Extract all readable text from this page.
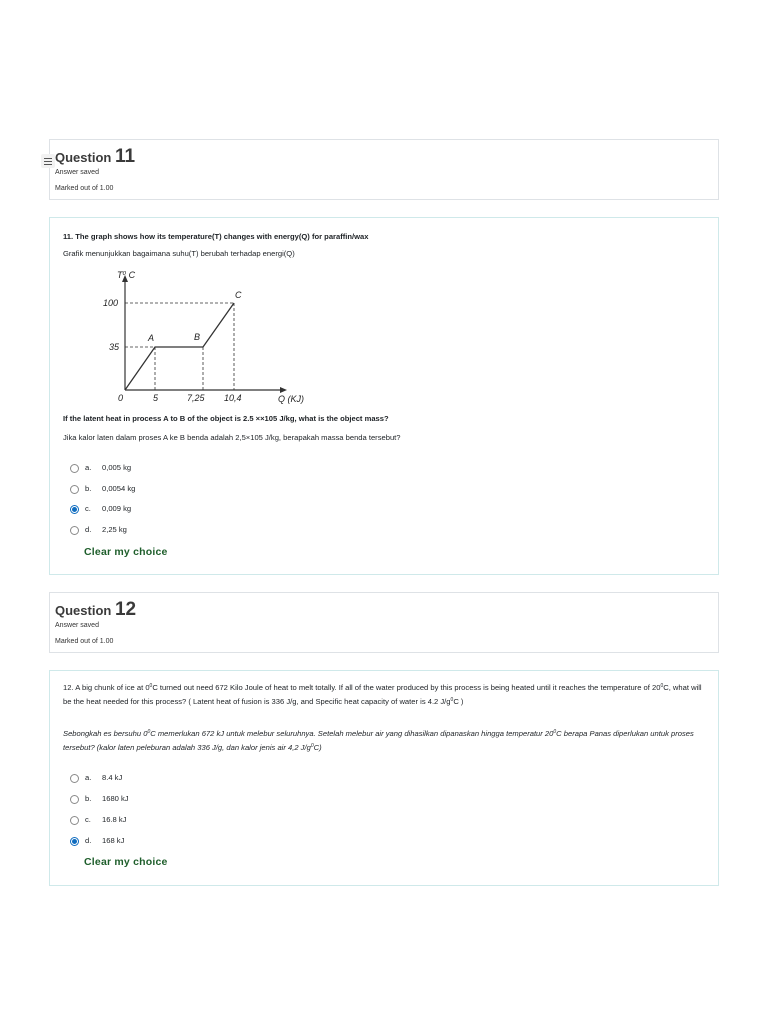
Question 11
Answer saved
Marked out of 1.00
11. The graph shows how its temperature(T) changes with energy(Q) for paraffin/wax
Grafik menunjukkan bagaimana suhu(T) berubah terhadap energi(Q)
T⁰ C
Q (KJ)
100
35
0	5	7,25 10,4
A	B
C
If the latent heat in process A to B of the object is 2.5 ××105 J/kg, what is the object mass?
Jika kalor laten dalam proses A ke B benda adalah 2,5×105 J/kg, berapakah massa benda tersebut?
a. 0,005 kg
b. 0,0054 kg
c. 0,009 kg
d. 2,25 kg
Clear my choice
Question 12
Answer saved
Marked out of 1.00
12. A big chunk of ice at $0^0C$ turned out need 672 Kilo Joule of heat to melt totally. If all of the water produced by this process is being heated until it reaches the temperature of $20^0C$, what will be the heat needed for this process? ( Latent heat of fusion is 336 J/g, and Specific heat capacity of water is 4.2 $J/g^0C$ )
Sebongkah es bersuhu $0^0C$ memerlukan 672 kJ untuk melebur seluruhnya. Setelah melebur air yang dihasilkan dipanaskan hingga temperatur $20^0C$ berapa Panas diperlukan untuk proses tersebut? (kalor laten peleburan adalah 336 J/g, dan kalor jenis air 4,2 $J/g^0C$)
a. 8.4 kJ
b. 1680 kJ
c. 16.8 kJ
d. 168 kJ
Clear my choice
